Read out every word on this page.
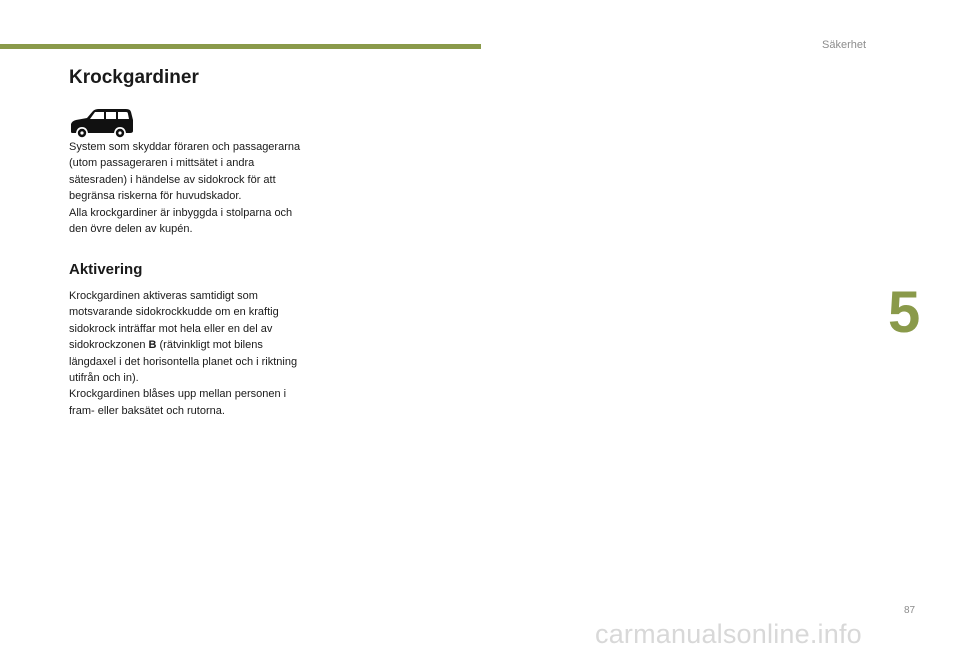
Säkerhet
Krockgardiner
System som skyddar föraren och passagerarna
(utom passageraren i mittsätet i andra
sätesraden) i händelse av sidokrock för att
begränsa riskerna för huvudskador.
Alla krockgardiner är inbyggda i stolparna och
den övre delen av kupén.
Aktivering
Krockgardinen aktiveras samtidigt som
motsvarande sidokrockkudde om en kraftig
sidokrock inträffar mot hela eller en del av
sidokrockzonen B (rätvinkligt mot bilens
längdaxel i det horisontella planet och i riktning
utifrån och in).
Krockgardinen blåses upp mellan personen i
fram- eller baksätet och rutorna.
5
87
carmanualsonline.info
